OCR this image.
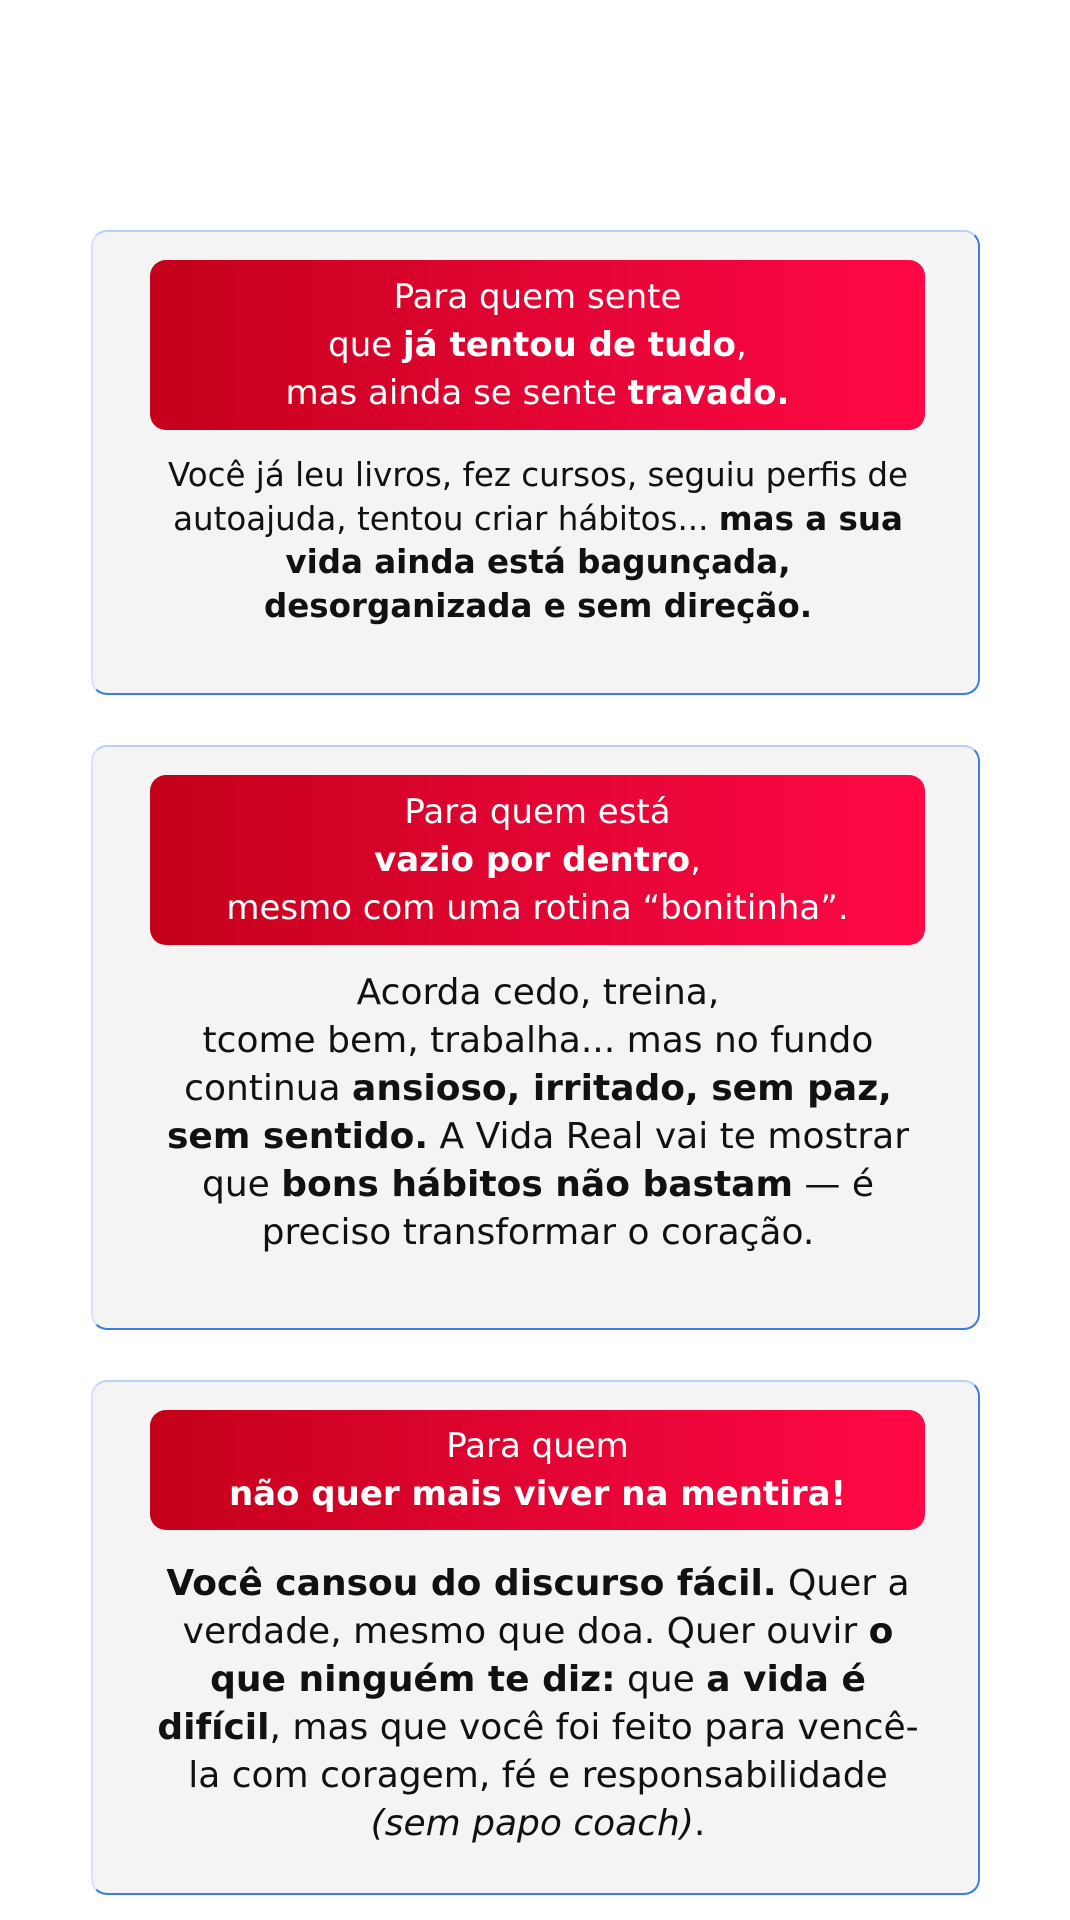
Para quem sente
que já tentou de tudo,
mas ainda se sente travado.

Você já leu livros, fez cursos, seguiu perfis de autoajuda, tentou criar hábitos... mas a sua vida ainda está bagunçada, desorganizada e sem direção.

Para quem está
vazio por dentro,
mesmo com uma rotina “bonitinha”.

Acorda cedo, treina,
tcome bem, trabalha... mas no fundo continua ansioso, irritado, sem paz, sem sentido. A Vida Real vai te mostrar que bons hábitos não bastam — é preciso transformar o coração.

Para quem
não quer mais viver na mentira!

Você cansou do discurso fácil. Quer a verdade, mesmo que doa. Quer ouvir o que ninguém te diz: que a vida é difícil, mas que você foi feito para vencê-la com coragem, fé e responsabilidade (sem papo coach).
